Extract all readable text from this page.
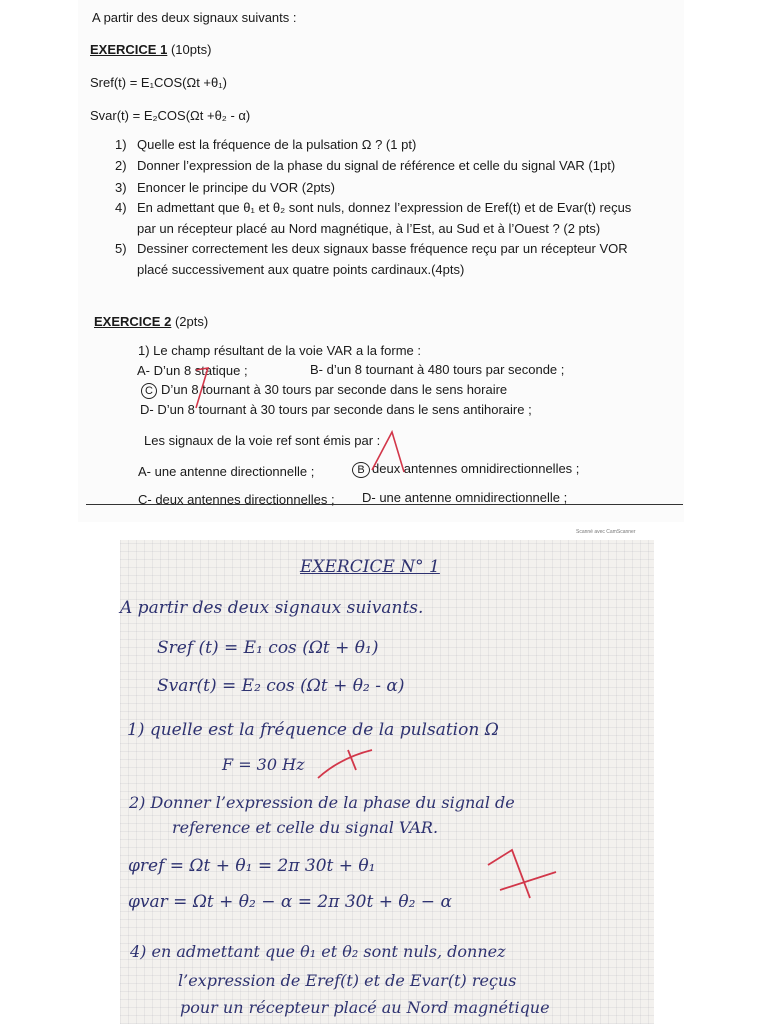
A partir des deux signaux suivants :
EXERCICE 1 (10pts)
Sref(t) = E₁COS(Ωt +θ₁)
Svar(t) = E₂COS(Ωt +θ₂ - α)
1) Quelle est la fréquence de la pulsation Ω ? (1 pt)
2) Donner l’expression de la phase du signal de référence et celle du signal VAR (1pt)
3) Enoncer le principe du VOR (2pts)
4) En admettant que θ₁ et θ₂ sont nuls, donnez l’expression de Eref(t) et de Evar(t) reçus
par un récepteur placé au Nord magnétique, à l’Est, au Sud et à l’Ouest ? (2 pts)
5) Dessiner correctement les deux signaux basse fréquence reçu par un récepteur VOR
placé successivement aux quatre points cardinaux.(4pts)
EXERCICE 2 (2pts)
1) Le champ résultant de la voie VAR a la forme :
A- D’un 8 statique ;	B- d’un 8 tournant à 480 tours par seconde ;
C D’un 8 tournant à 30 tours par seconde dans le sens horaire
D- D’un 8 tournant à 30 tours par seconde dans le sens antihoraire ;
Les signaux de la voie ref sont émis par :
A- une antenne directionnelle ;	B deux antennes omnidirectionnelles ;
C- deux antennes directionnelles ; D- une antenne omnidirectionnelle ;
Scanné avec CamScanner
EXERCICE N° 1
A partir des deux signaux suivants.
Sref (t) = E₁ cos (Ωt + θ₁)
Svar(t) = E₂ cos (Ωt + θ₂ - α)
1) quelle est la fréquence de la pulsation Ω
F = 30 Hz
2) Donner l’expression de la phase du signal de
reference et celle du signal VAR.
φref = Ωt + θ₁ = 2π 30t + θ₁
φvar = Ωt + θ₂ − α = 2π 30t + θ₂ − α
4) en admettant que θ₁ et θ₂ sont nuls, donnez
l’expression de Eref(t) et de Evar(t) reçus
pour un récepteur placé au Nord magnétique
